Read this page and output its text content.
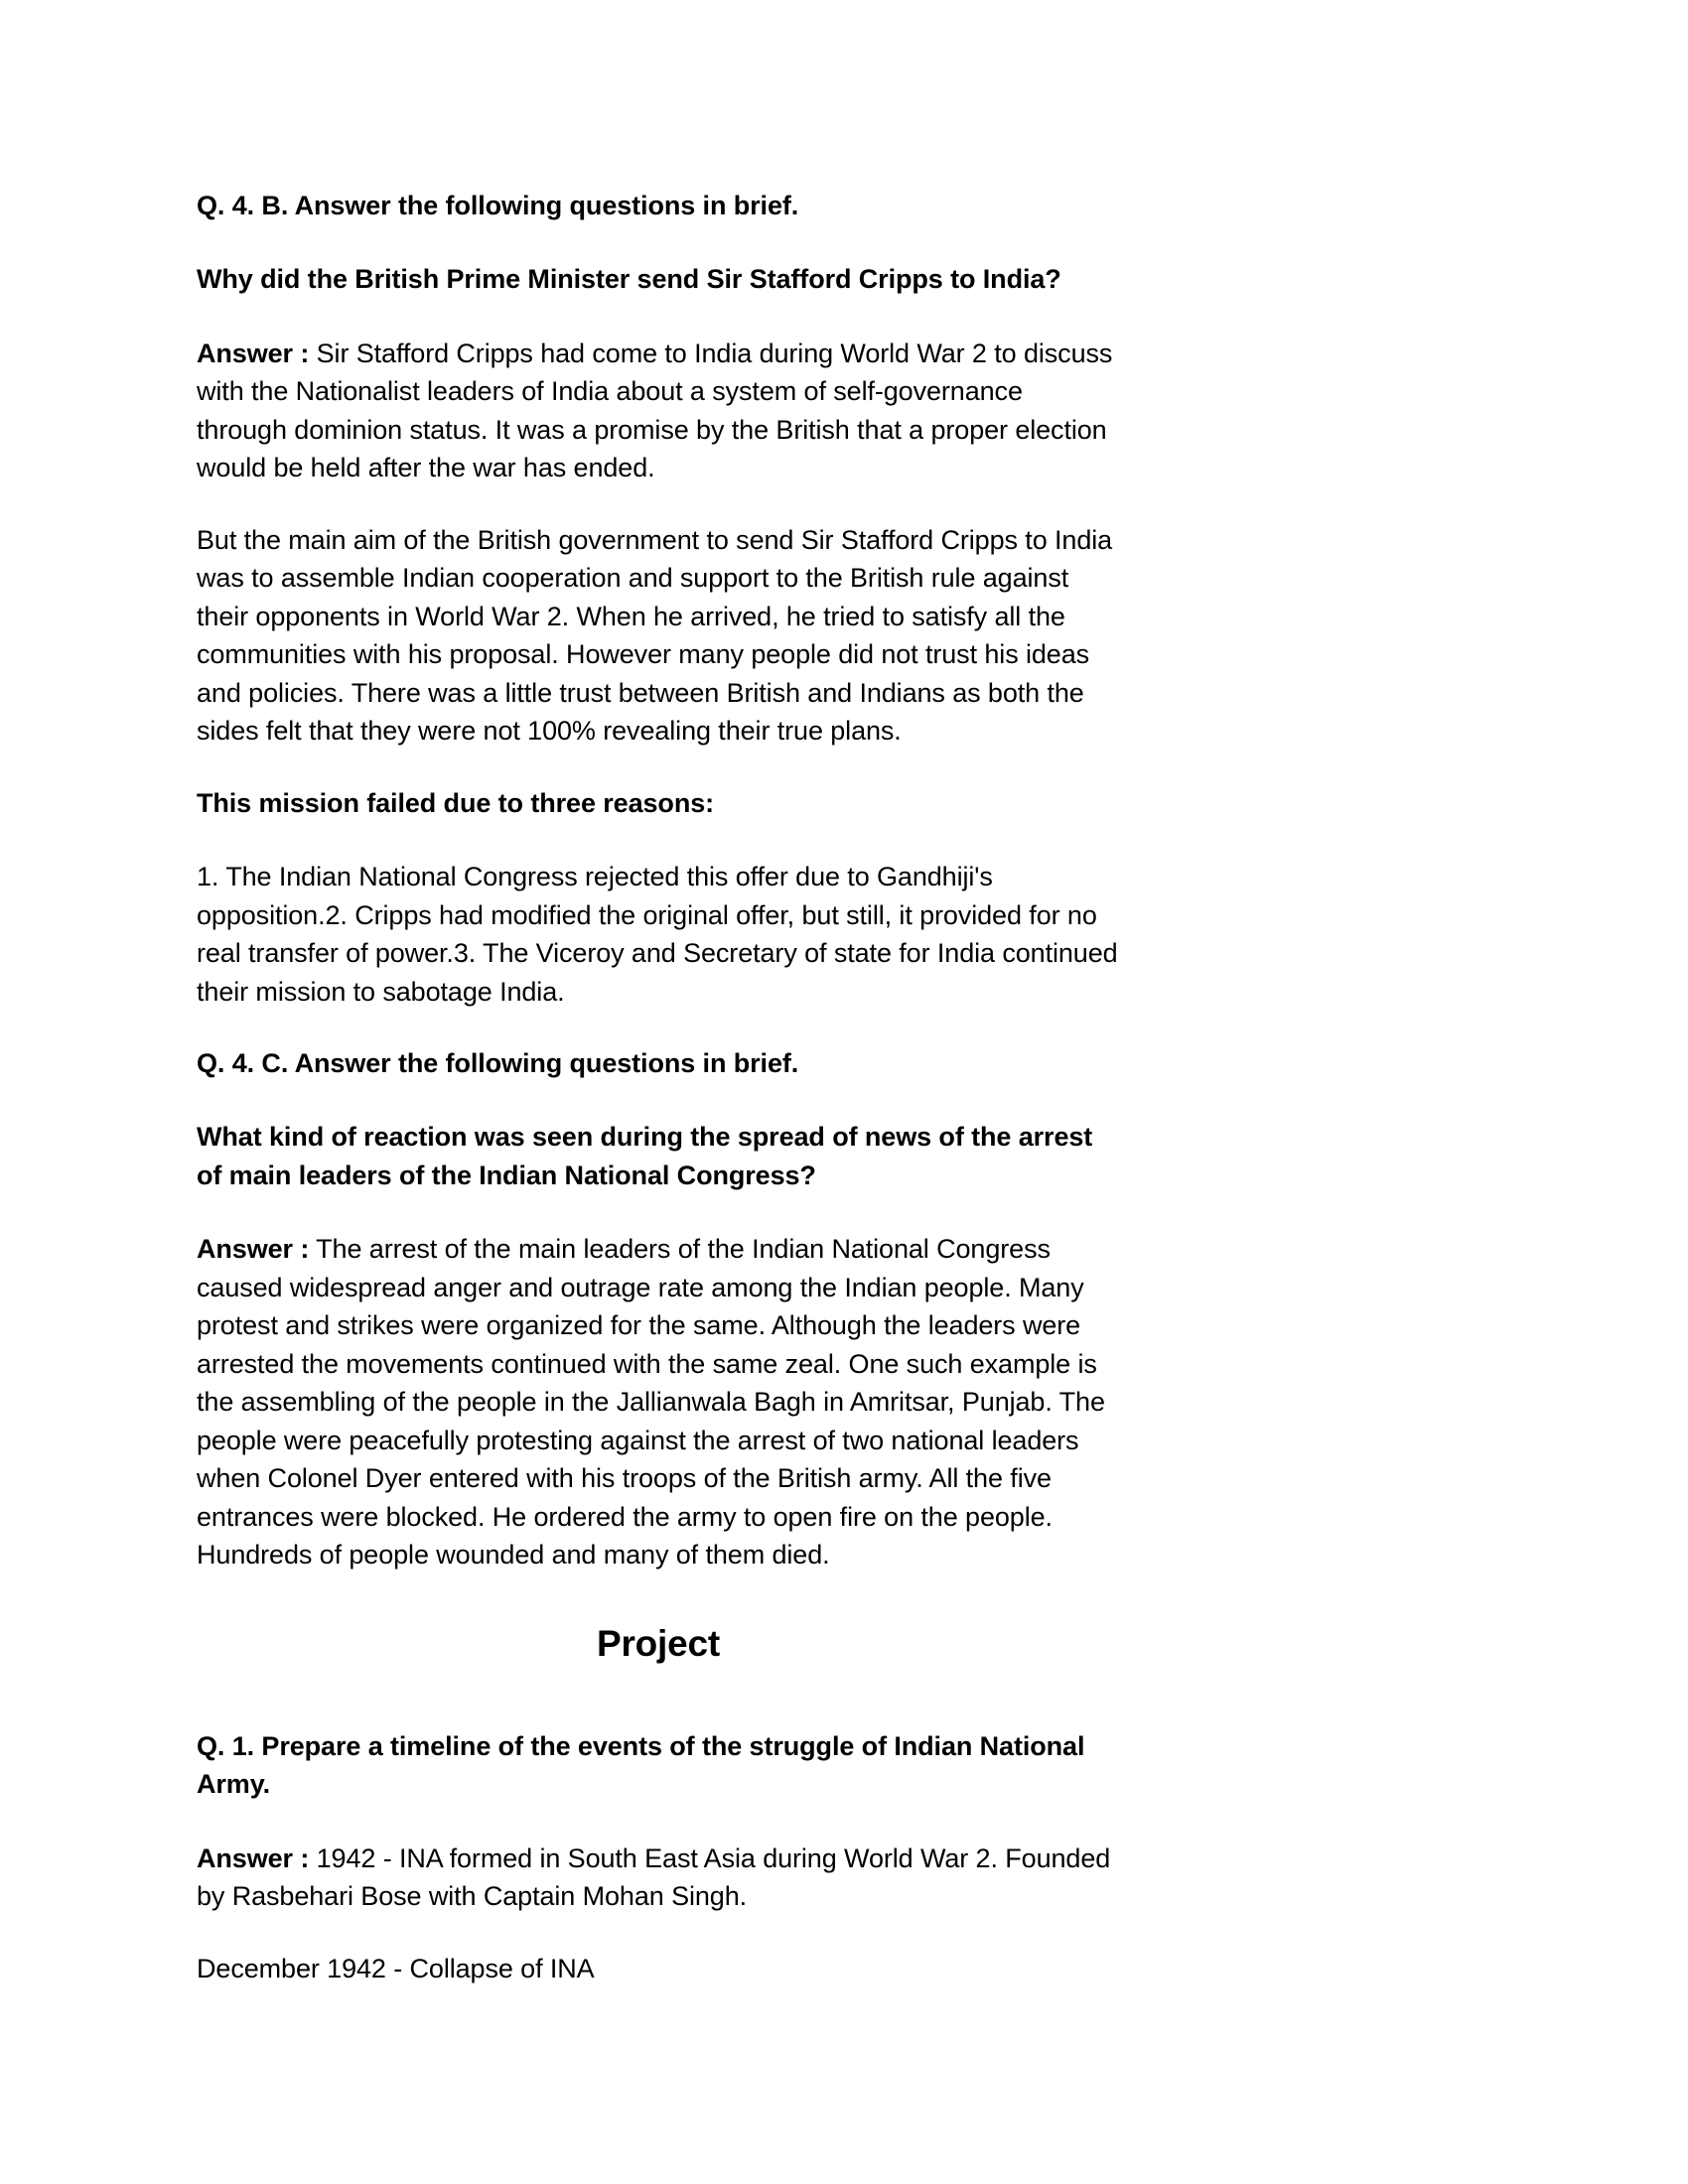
Q. 4. B. Answer the following questions in brief.

Why did the British Prime Minister send Sir Stafford Cripps to India?

Answer : Sir Stafford Cripps had come to India during World War 2 to discuss with the Nationalist leaders of India about a system of self-governance through dominion status. It was a promise by the British that a proper election would be held after the war has ended.

But the main aim of the British government to send Sir Stafford Cripps to India was to assemble Indian cooperation and support to the British rule against their opponents in World War 2. When he arrived, he tried to satisfy all the communities with his proposal. However many people did not trust his ideas and policies. There was a little trust between British and Indians as both the sides felt that they were not 100% revealing their true plans.

This mission failed due to three reasons:

1. The Indian National Congress rejected this offer due to Gandhiji's opposition.2. Cripps had modified the original offer, but still, it provided for no real transfer of power.3. The Viceroy and Secretary of state for India continued their mission to sabotage India.

Q. 4. C. Answer the following questions in brief.

What kind of reaction was seen during the spread of news of the arrest of main leaders of the Indian National Congress?

Answer : The arrest of the main leaders of the Indian National Congress caused widespread anger and outrage rate among the Indian people. Many protest and strikes were organized for the same. Although the leaders were arrested the movements continued with the same zeal. One such example is the assembling of the people in the Jallianwala Bagh in Amritsar, Punjab. The people were peacefully protesting against the arrest of two national leaders when Colonel Dyer entered with his troops of the British army. All the five entrances were blocked. He ordered the army to open fire on the people. Hundreds of people wounded and many of them died.

Project

Q. 1. Prepare a timeline of the events of the struggle of Indian National Army.

Answer : 1942 - INA formed in South East Asia during World War 2. Founded by Rasbehari Bose with Captain Mohan Singh.

December 1942 - Collapse of INA
